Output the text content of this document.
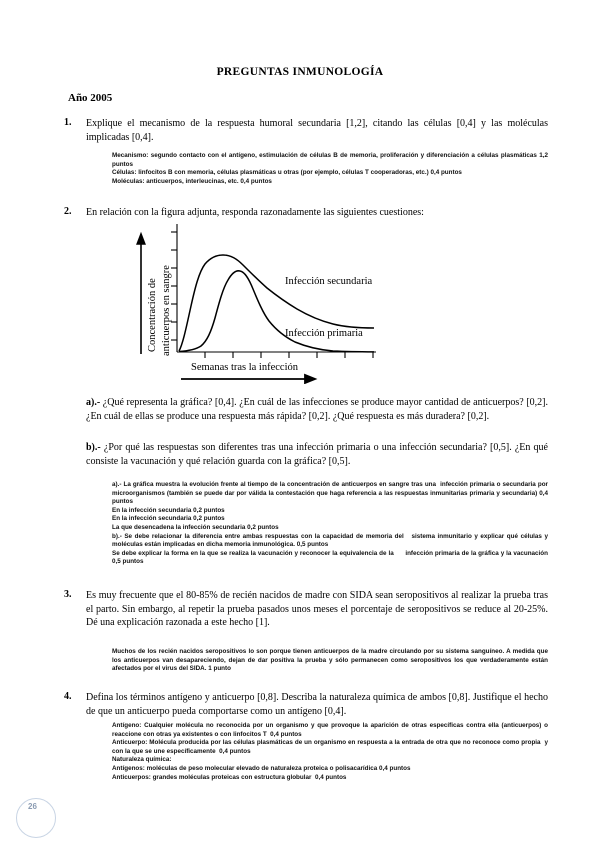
PREGUNTAS INMUNOLOGÍA
Año 2005
1. Explique el mecanismo de la respuesta humoral secundaria [1,2], citando las células [0,4] y las moléculas implicadas [0,4].
Mecanismo: segundo contacto con el antígeno, estimulación de células B de memoria, proliferación y diferenciación a células plasmáticas 1,2 puntos
Células: linfocitos B con memoria, células plasmáticas u otras (por ejemplo, células T cooperadoras, etc.) 0,4 puntos
Moléculas: anticuerpos, interleucinas, etc. 0,4 puntos
2. En relación con la figura adjunta, responda razonadamente las siguientes cuestiones:
Concentración de anticuerpos en sangre	Infección secundaria
Infección primaria
Semanas tras la infección
a).- ¿Qué representa la gráfica? [0,4]. ¿En cuál de las infecciones se produce mayor cantidad de anticuerpos? [0,2]. ¿En cuál de ellas se produce una respuesta más rápida? [0,2]. ¿Qué respuesta es más duradera? [0,2].
b).- ¿Por qué las respuestas son diferentes tras una infección primaria o una infección secundaria? [0,5]. ¿En qué consiste la vacunación y qué relación guarda con la gráfica? [0,5].
a).- La gráfica muestra la evolución frente al tiempo de la concentración de anticuerpos en sangre tras una  infección primaria o secundaria por microorganismos (también se puede dar por válida la contestación que haga referencia a las respuestas inmunitarias primaria y secundaria) 0,4 puntos
En la infección secundaria 0,2 puntos
En la infección secundaria 0,2 puntos
La que desencadena la infección secundaria 0,2 puntos
b).- Se debe relacionar la diferencia entre ambas respuestas con la capacidad de memoria del   sistema inmunitario y explicar qué células y moléculas están implicadas en dicha memoria inmunológica. 0,5 puntos
Se debe explicar la forma en la que se realiza la vacunación y reconocer la equivalencia de la      infección primaria de la gráfica y la vacunación 0,5 puntos
3. Es muy frecuente que el 80-85% de recién nacidos de madre con SIDA sean seropositivos al realizar la prueba tras el parto. Sin embargo, al repetir la prueba pasados unos meses el porcentaje de seropositivos se reduce al 20-25%. Dé una explicación razonada a este hecho [1].
Muchos de los recién nacidos seropositivos lo son porque tienen anticuerpos de la madre circulando por su sistema sanguíneo. A medida que los anticuerpos van desapareciendo, dejan de dar positiva la prueba y sólo permanecen como seropositivos los que verdaderamente están afectados por el virus del SIDA. 1 punto
4. Defina los términos antígeno y anticuerpo [0,8]. Describa la naturaleza química de ambos [0,8]. Justifique el hecho de que un anticuerpo pueda comportarse como un antígeno [0,4].
Antígeno: Cualquier molécula no reconocida por un organismo y que provoque la aparición de otras específicas contra ella (anticuerpos) o reaccione con otras ya existentes o con linfocitos T  0,4 puntos
Anticuerpo: Molécula producida por las células plasmáticas de un organismo en respuesta a la entrada de otra que no reconoce como propia  y con la que se une específicamente  0,4 puntos
Naturaleza química:
Antígenos: moléculas de peso molecular elevado de naturaleza proteica o polisacarídica 0,4 puntos
Anticuerpos: grandes moléculas proteicas con estructura globular  0,4 puntos
26
